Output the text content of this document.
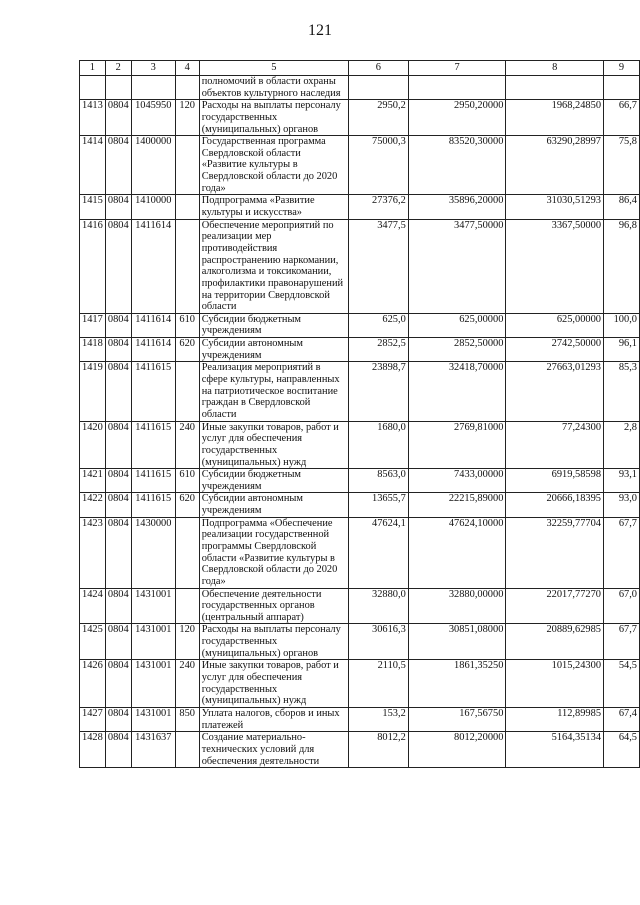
121
1	2	3	4	5	6	7	8	9
				полномочий в области охраны объектов культурного наследия				
1413	0804	1045950	120	Расходы на выплаты персоналу государственных (муниципальных) органов	2950,2	2950,20000	1968,24850	66,7
1414	0804	1400000		Государственная программа Свердловской области «Развитие культуры в Свердловской области до 2020 года»	75000,3	83520,30000	63290,28997	75,8
1415	0804	1410000		Подпрограмма «Развитие культуры и искусства»	27376,2	35896,20000	31030,51293	86,4
1416	0804	1411614		Обеспечение мероприятий по реализации мер противодействия распространению наркомании, алкоголизма и токсикомании, профилактики правонарушений на территории Свердловской области	3477,5	3477,50000	3367,50000	96,8
1417	0804	1411614	610	Субсидии бюджетным учреждениям	625,0	625,00000	625,00000	100,0
1418	0804	1411614	620	Субсидии автономным учреждениям	2852,5	2852,50000	2742,50000	96,1
1419	0804	1411615		Реализация мероприятий в сфере культуры, направленных на патриотическое воспитание граждан в Свердловской области	23898,7	32418,70000	27663,01293	85,3
1420	0804	1411615	240	Иные закупки товаров, работ и услуг для обеспечения государственных (муниципальных) нужд	1680,0	2769,81000	77,24300	2,8
1421	0804	1411615	610	Субсидии бюджетным учреждениям	8563,0	7433,00000	6919,58598	93,1
1422	0804	1411615	620	Субсидии автономным учреждениям	13655,7	22215,89000	20666,18395	93,0
1423	0804	1430000		Подпрограмма «Обеспечение реализации государственной программы Свердловской области «Развитие культуры в Свердловской области до 2020 года»	47624,1	47624,10000	32259,77704	67,7
1424	0804	1431001		Обеспечение деятельности государственных органов (центральный аппарат)	32880,0	32880,00000	22017,77270	67,0
1425	0804	1431001	120	Расходы на выплаты персоналу государственных (муниципальных) органов	30616,3	30851,08000	20889,62985	67,7
1426	0804	1431001	240	Иные закупки товаров, работ и услуг для обеспечения государственных (муниципальных) нужд	2110,5	1861,35250	1015,24300	54,5
1427	0804	1431001	850	Уплата налогов, сборов и иных платежей	153,2	167,56750	112,89985	67,4
1428	0804	1431637		Создание материально-технических условий для обеспечения деятельности	8012,2	8012,20000	5164,35134	64,5
